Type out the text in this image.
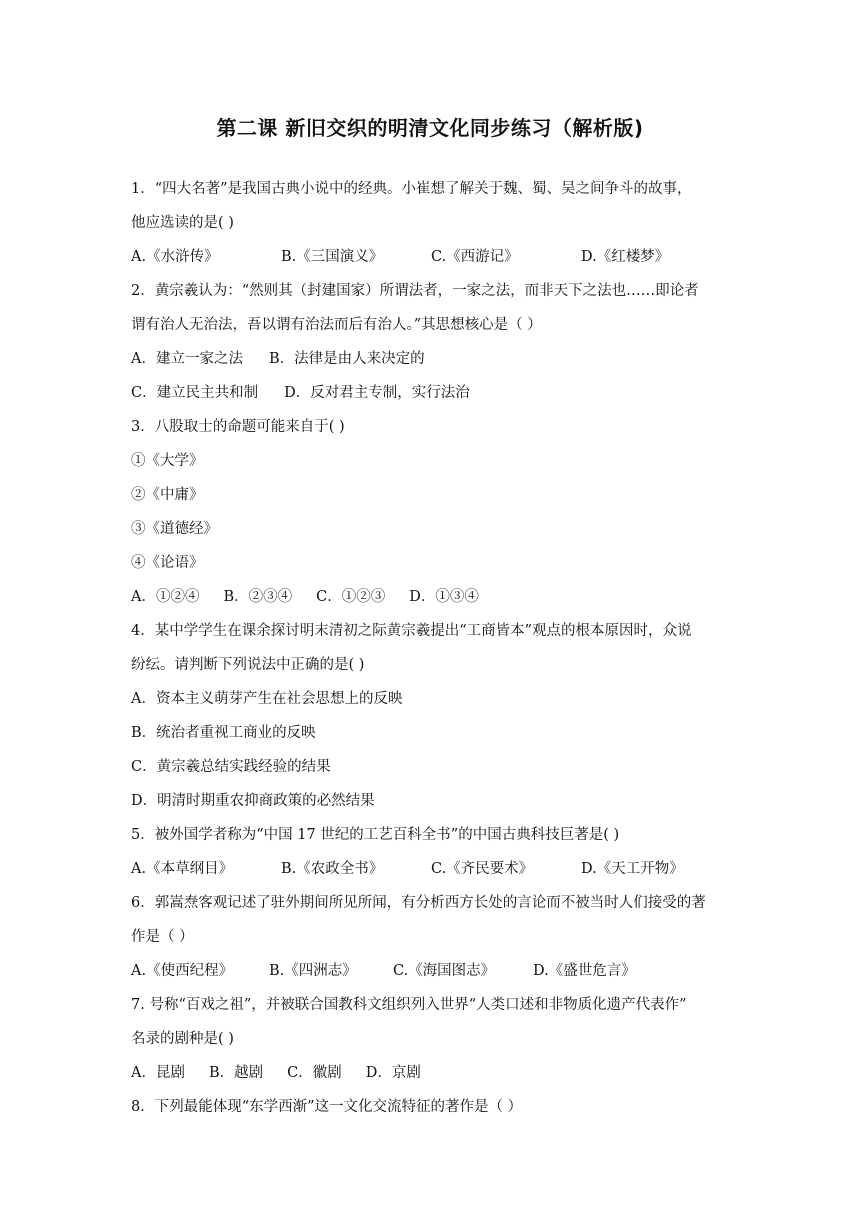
第二课 新旧交织的明清文化同步练习（解析版)
1．“四大名著”是我国古典小说中的经典。小崔想了解关于魏、蜀、吴之间争斗的故事，
他应选读的是( )
A.《水浒传》	B.《三国演义》	C.《西游记》	D.《红楼梦》
2．黄宗羲认为：“然则其（封建国家）所谓法者，一家之法，而非天下之法也……即论者
谓有治人无治法，吾以谓有治法而后有治人。”其思想核心是（ ）
A．建立一家之法 B．法律是由人来决定的
C．建立民主共和制 D．反对君主专制，实行法治
3．八股取士的命题可能来自于( )
①《大学》
②《中庸》
③《道德经》
④《论语》
A．①②④ B．②③④ C．①②③ D．①③④
4．某中学学生在课余探讨明末清初之际黄宗羲提出“工商皆本”观点的根本原因时，众说
纷纭。请判断下列说法中正确的是( )
A．资本主义萌芽产生在社会思想上的反映
B．统治者重视工商业的反映
C．黄宗羲总结实践经验的结果
D．明清时期重农抑商政策的必然结果
5．被外国学者称为“中国 17 世纪的工艺百科全书”的中国古典科技巨著是( )
A.《本草纲目》	B.《农政全书》	C.《齐民要术》	D.《天工开物》
6．郭嵩焘客观记述了驻外期间所见所闻，有分析西方长处的言论而不被当时人们接受的著
作是（ ）
A.《使西纪程》	B.《四洲志》	C.《海国图志》	D.《盛世危言》
7. 号称“百戏之祖”，并被联合国教科文组织列入世界“人类口述和非物质化遗产代表作”
名录的剧种是( )
A．昆剧 B．越剧 C．徽剧 D．京剧
8．下列最能体现“东学西渐”这一文化交流特征的著作是（ ）
